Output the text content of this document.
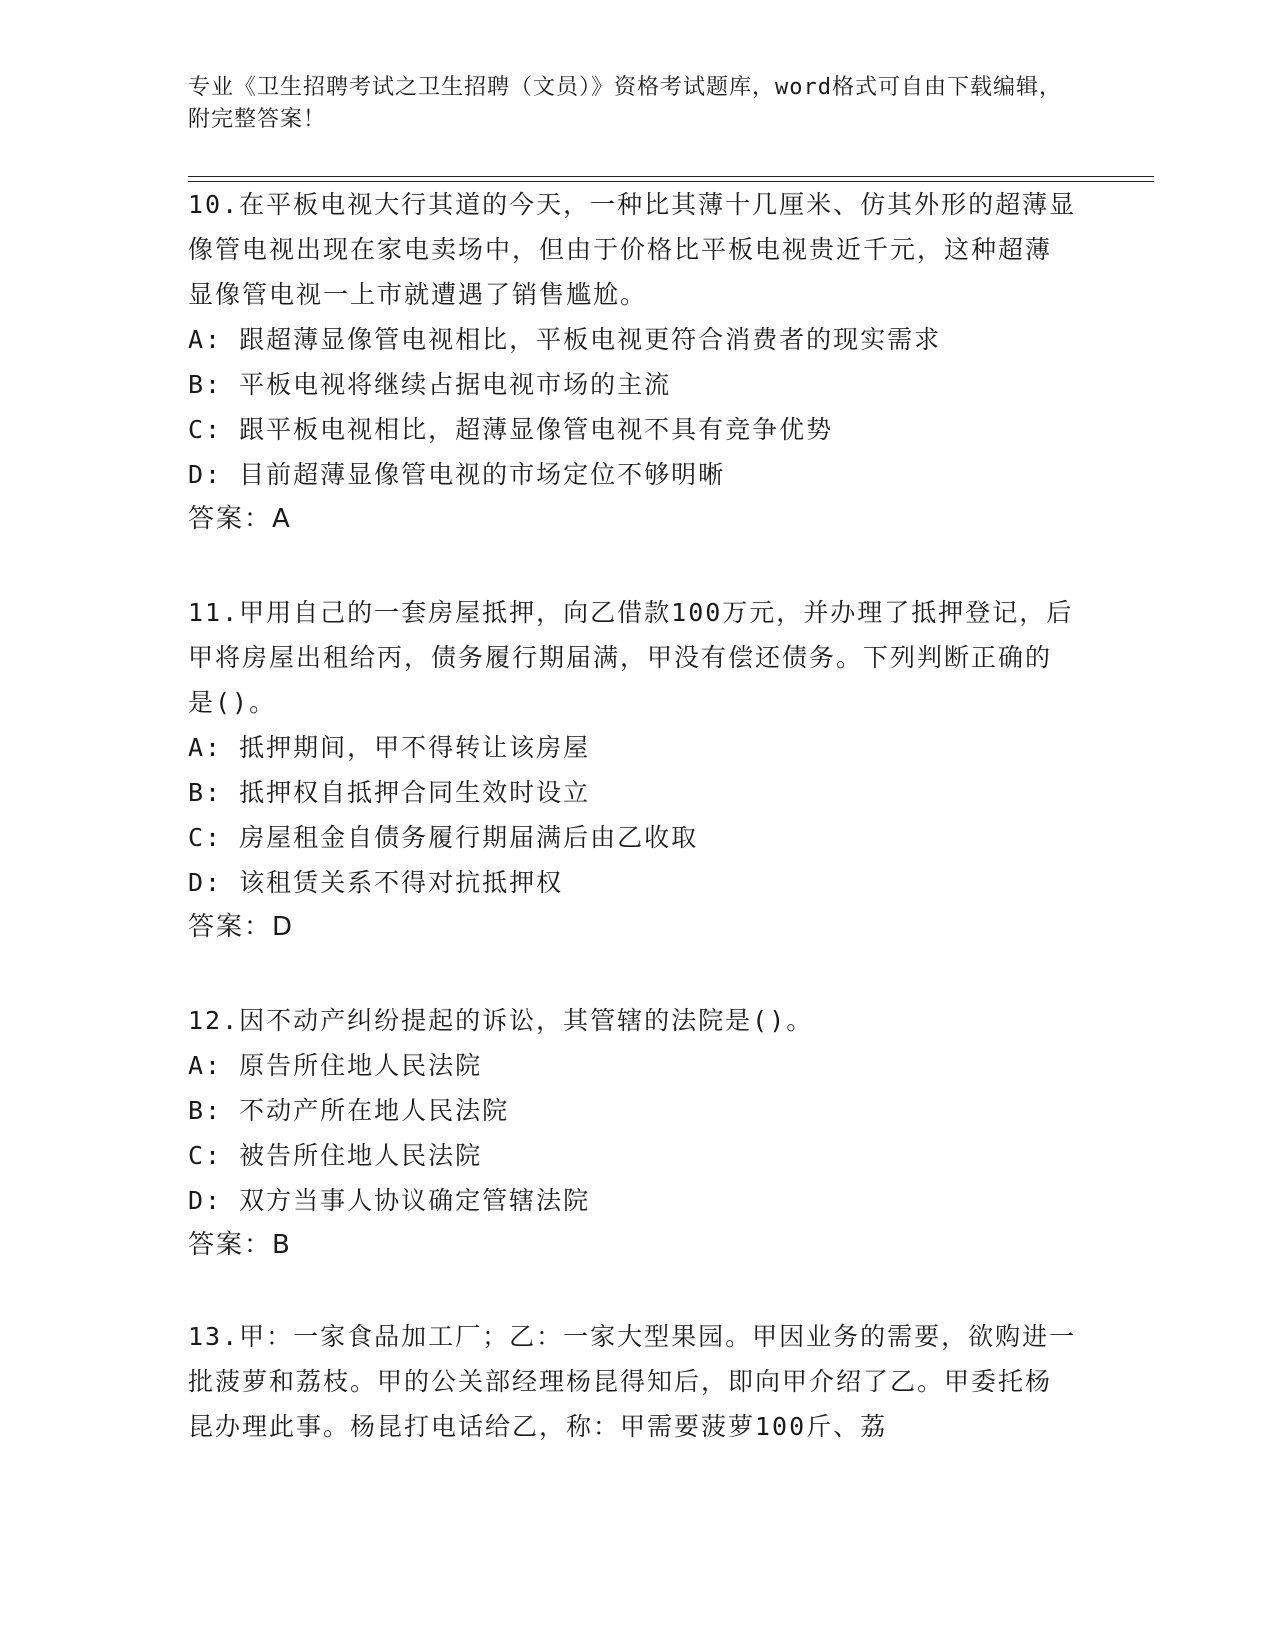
专业《卫生招聘考试之卫生招聘（文员）》资格考试题库，word格式可自由下载编辑，附完整答案！

10.在平板电视大行其道的今天，一种比其薄十几厘米、仿其外形的超薄显像管电视出现在家电卖场中，但由于价格比平板电视贵近千元，这种超薄显像管电视一上市就遭遇了销售尴尬。

A: 跟超薄显像管电视相比，平板电视更符合消费者的现实需求

B: 平板电视将继续占据电视市场的主流

C: 跟平板电视相比，超薄显像管电视不具有竞争优势

D: 目前超薄显像管电视的市场定位不够明晰

答案：A

11.甲用自己的一套房屋抵押，向乙借款100万元，并办理了抵押登记，后甲将房屋出租给丙，债务履行期届满，甲没有偿还债务。下列判断正确的是()。

A: 抵押期间，甲不得转让该房屋

B: 抵押权自抵押合同生效时设立

C: 房屋租金自债务履行期届满后由乙收取

D: 该租赁关系不得对抗抵押权

答案：D

12.因不动产纠纷提起的诉讼，其管辖的法院是()。

A: 原告所住地人民法院

B: 不动产所在地人民法院

C: 被告所住地人民法院

D: 双方当事人协议确定管辖法院

答案：B

13.甲：一家食品加工厂；乙：一家大型果园。甲因业务的需要，欲购进一批菠萝和荔枝。甲的公关部经理杨昆得知后，即向甲介绍了乙。甲委托杨昆办理此事。杨昆打电话给乙，称：甲需要菠萝100斤、荔
